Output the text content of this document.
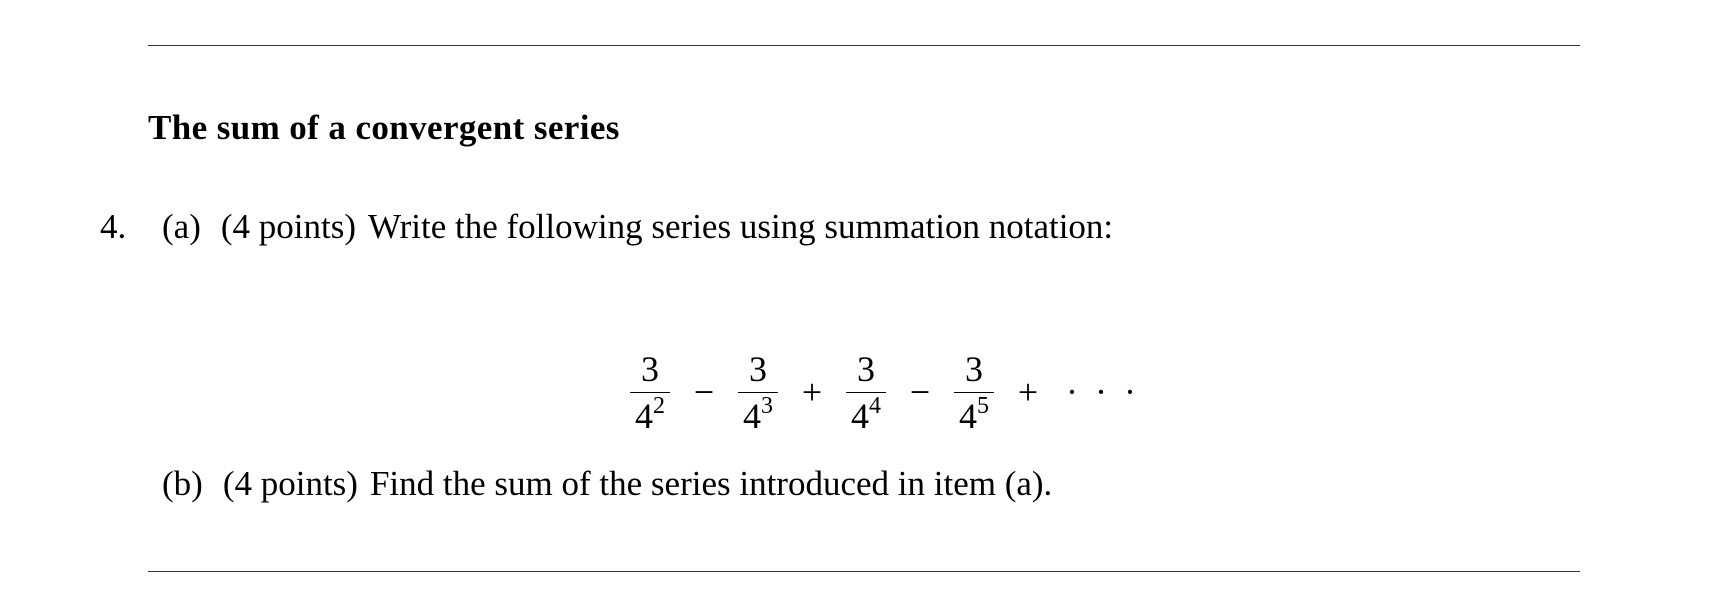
The sum of a convergent series
4. (a) (4 points) Write the following series using summation notation:
$\frac{3}{4^2} - \frac{3}{4^3} + \frac{3}{4^4} - \frac{3}{4^5}$ + · · ·
(b) (4 points) Find the sum of the series introduced in item (a).
